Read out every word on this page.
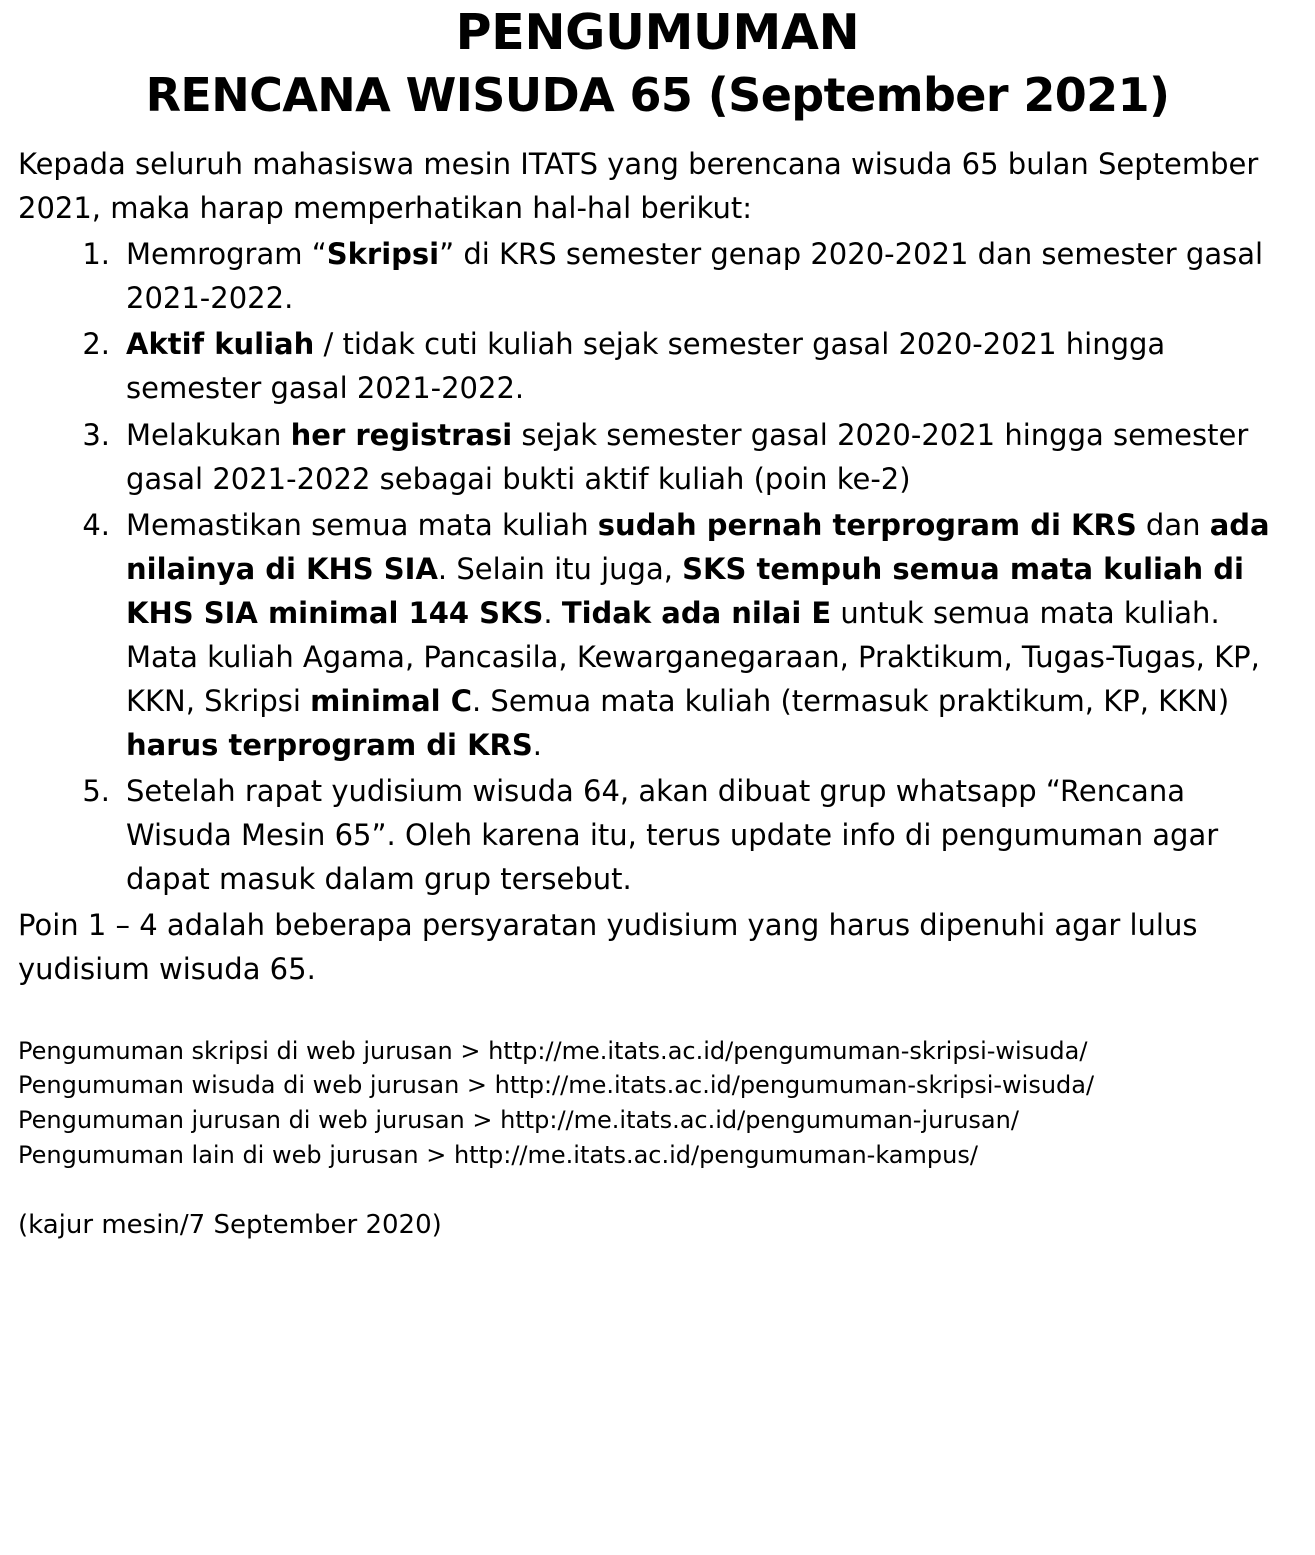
PENGUMUMAN
RENCANA WISUDA 65 (September 2021)

Kepada seluruh mahasiswa mesin ITATS yang berencana wisuda 65 bulan September 2021, maka harap memperhatikan hal-hal berikut:

Memrogram “Skripsi” di KRS semester genap 2020-2021 dan semester gasal 2021-2022.
Aktif kuliah / tidak cuti kuliah sejak semester gasal 2020-2021 hingga semester gasal 2021-2022.
Melakukan her registrasi sejak semester gasal 2020-2021 hingga semester gasal 2021-2022 sebagai bukti aktif kuliah (poin ke-2)
Memastikan semua mata kuliah sudah pernah terprogram di KRS dan ada nilainya di KHS SIA. Selain itu juga, SKS tempuh semua mata kuliah di KHS SIA minimal 144 SKS. Tidak ada nilai E untuk semua mata kuliah. Mata kuliah Agama, Pancasila, Kewarganegaraan, Praktikum, Tugas-Tugas, KP, KKN, Skripsi minimal C. Semua mata kuliah (termasuk praktikum, KP, KKN) harus terprogram di KRS.
Setelah rapat yudisium wisuda 64, akan dibuat grup whatsapp “Rencana Wisuda Mesin 65”. Oleh karena itu, terus update info di pengumuman agar dapat masuk dalam grup tersebut.

Poin 1 – 4 adalah beberapa persyaratan yudisium yang harus dipenuhi agar lulus yudisium wisuda 65.

Pengumuman skripsi di web jurusan > http://me.itats.ac.id/pengumuman-skripsi-wisuda/
Pengumuman wisuda di web jurusan > http://me.itats.ac.id/pengumuman-skripsi-wisuda/
Pengumuman jurusan di web jurusan > http://me.itats.ac.id/pengumuman-jurusan/
Pengumuman lain di web jurusan > http://me.itats.ac.id/pengumuman-kampus/
(kajur mesin/7 September 2020)
